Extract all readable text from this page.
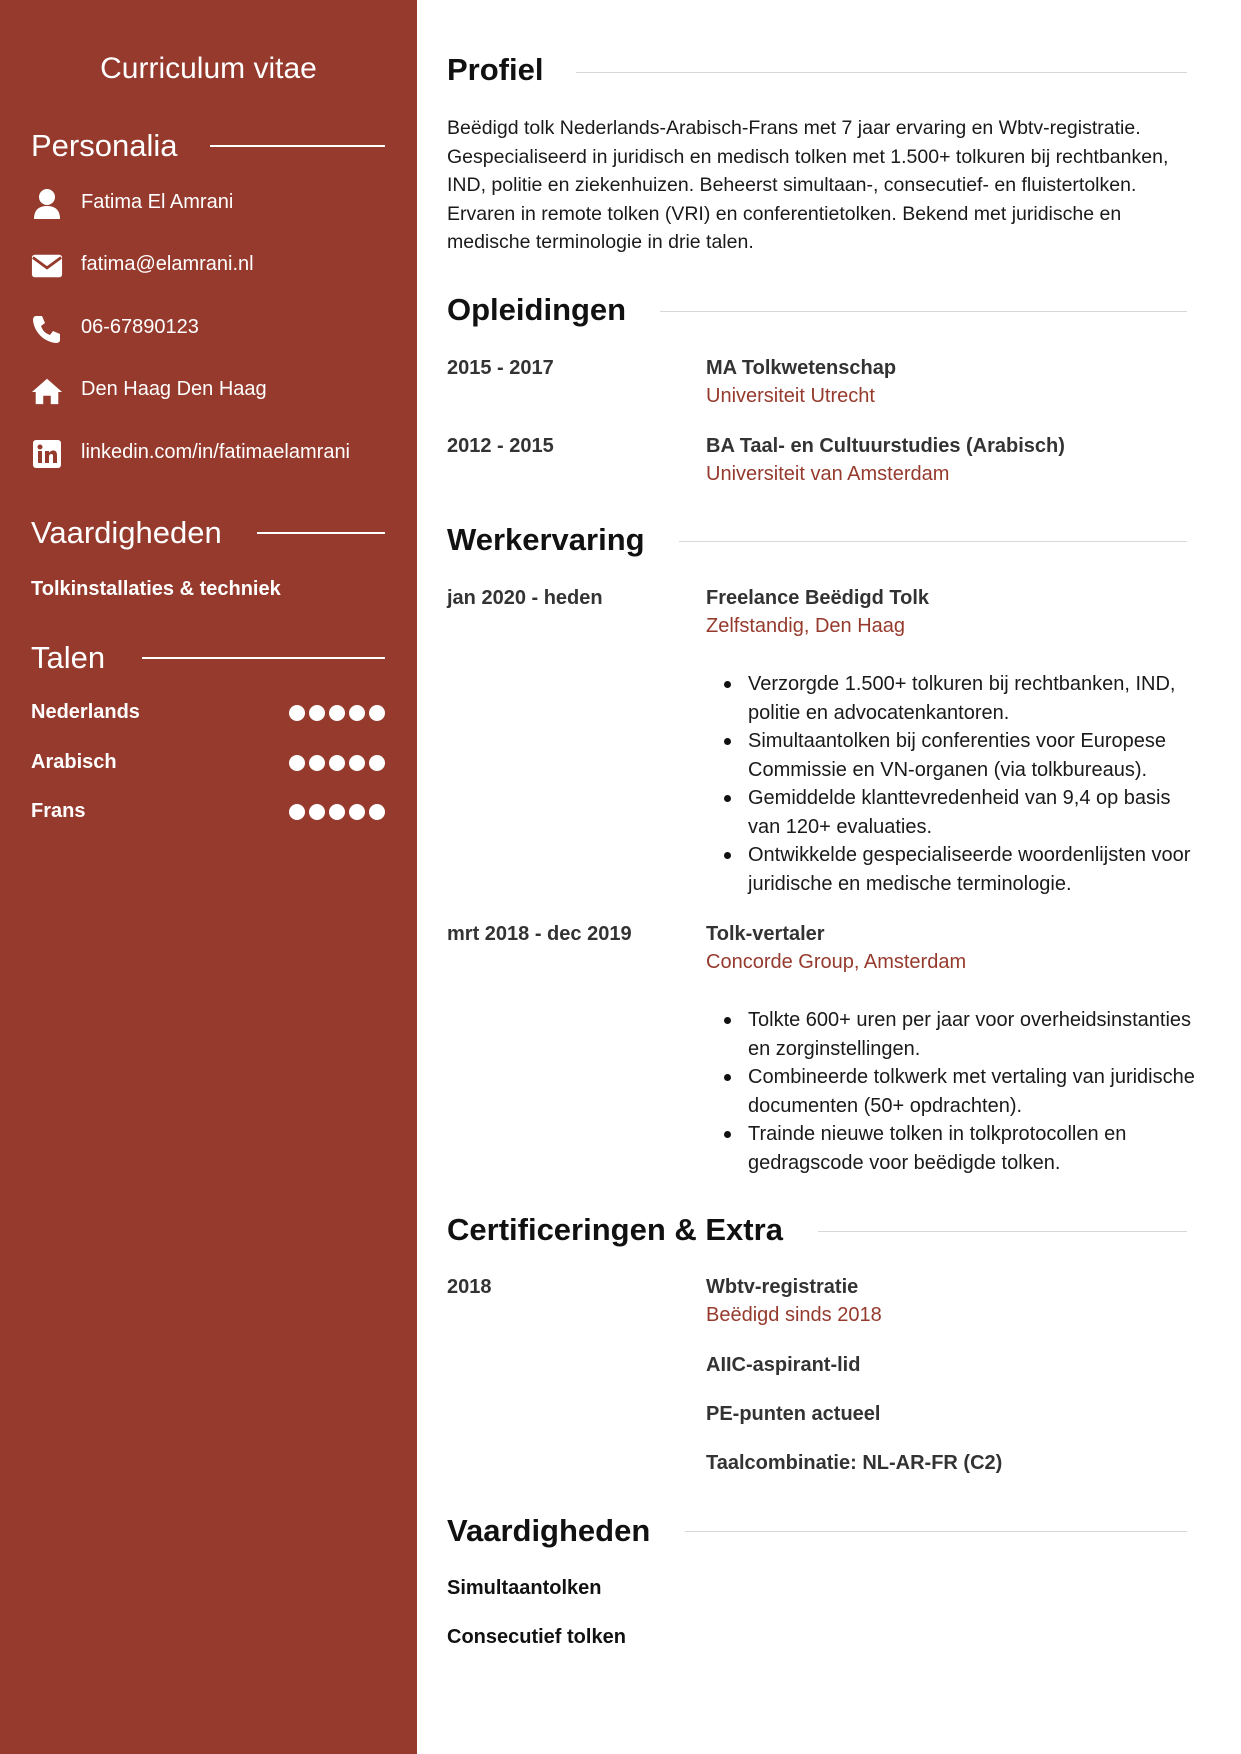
Curriculum vitae
Personalia
Fatima El Amrani
fatima@elamrani.nl
06-67890123
Den Haag Den Haag
linkedin.com/in/fatimaelamrani
Vaardigheden
Tolkinstallaties & techniek
Talen
Nederlands
Arabisch
Frans
Profiel
Beëdigd tolk Nederlands-Arabisch-Frans met 7 jaar ervaring en Wbtv-registratie. Gespecialiseerd in juridisch en medisch tolken met 1.500+ tolkuren bij rechtbanken, IND, politie en ziekenhuizen. Beheerst simultaan-, consecutief- en fluistertolken. Ervaren in remote tolken (VRI) en conferentietolken. Bekend met juridische en medische terminologie in drie talen.
Opleidingen
2015 - 2017	MA Tolkwetenschap
Universiteit Utrecht
2012 - 2015	BA Taal- en Cultuurstudies (Arabisch)
Universiteit van Amsterdam
Werkervaring
jan 2020 - heden	Freelance Beëdigd Tolk
Zelfstandig, Den Haag
Verzorgde 1.500+ tolkuren bij rechtbanken, IND, politie en advocatenkantoren.
Simultaantolken bij conferenties voor Europese Commissie en VN-organen (via tolkbureaus).
Gemiddelde klanttevredenheid van 9,4 op basis van 120+ evaluaties.
Ontwikkelde gespecialiseerde woordenlijsten voor juridische en medische terminologie.
mrt 2018 - dec 2019	Tolk-vertaler
Concorde Group, Amsterdam
Tolkte 600+ uren per jaar voor overheidsinstanties en zorginstellingen.
Combineerde tolkwerk met vertaling van juridische documenten (50+ opdrachten).
Trainde nieuwe tolken in tolkprotocollen en gedragscode voor beëdigde tolken.
Certificeringen & Extra
2018	Wbtv-registratie
Beëdigd sinds 2018
AIIC-aspirant-lid
PE-punten actueel
Taalcombinatie: NL-AR-FR (C2)
Vaardigheden
Simultaantolken
Consecutief tolken
